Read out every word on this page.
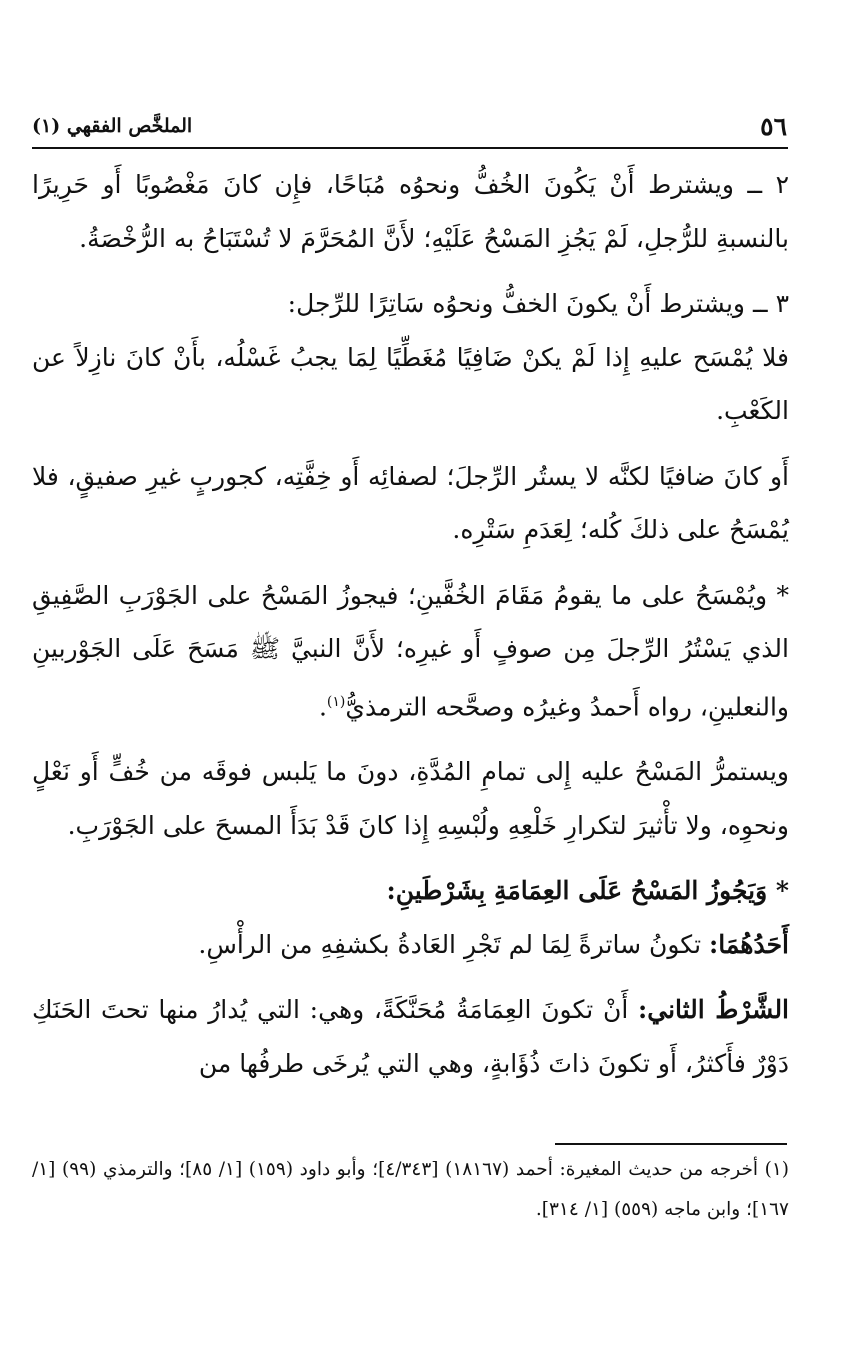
٥٦
الملخَّص الفقهي (١)

٢ ــ ويشترط أَنْ يَكُونَ الخُفُّ ونحوُه مُبَاحًا، فإِن كانَ مَغْصُوبًا أَو حَرِيرًا بالنسبةِ للرُّجلِ، لَمْ يَجُزِ المَسْحُ عَلَيْهِ؛ لأَنَّ المُحَرَّمَ لا تُسْتَبَاحُ به الرُّخْصَةُ.

٣ ــ ويشترط أَنْ يكونَ الخفُّ ونحوُه سَاتِرًا للرِّجل:

فلا يُمْسَح عليهِ إِذا لَمْ يكنْ ضَافِيًا مُغَطِّيًا لِمَا يجبُ غَسْلُه، بأَنْ كانَ نازِلاً عن الكَعْبِ.

أَو كانَ ضافيًا لكنَّه لا يستُر الرِّجلَ؛ لصفائِه أَو خِفَّتِه، كجوربٍ غيرِ صفيقٍ، فلا يُمْسَحُ على ذلكَ كُله؛ لِعَدَمِ سَتْرِه.

* ويُمْسَحُ على ما يقومُ مَقَامَ الخُفَّينِ؛ فيجوزُ المَسْحُ على الجَوْرَبِ الصَّفِيقِ الذي يَسْتُرُ الرِّجلَ مِن صوفٍ أَو غيرِه؛ لأَنَّ النبيَّ ﷺ مَسَحَ عَلَى الجَوْربينِ والنعلينِ، رواه أَحمدُ وغيرُه وصحَّحه الترمذيُّ$^{(١)}$.

ويستمرُّ المَسْحُ عليه إِلى تمامِ المُدَّةِ، دونَ ما يَلبس فوقَه من خُفٍّ أَو نَعْلٍ ونحوِه، ولا تأْثيرَ لتكرارِ خَلْعِهِ ولُبْسِهِ إِذا كانَ قَدْ بَدَأَ المسحَ على الجَوْرَبِ.

* وَيَجُوزُ المَسْحُ عَلَى العِمَامَةِ بِشَرْطَينِ:

أَحَدُهُمَا: تكونُ ساترةً لِمَا لم تَجْرِ العَادةُ بكشفِهِ من الرأْسِ.

الشَّرْطُ الثاني: أَنْ تكونَ العِمَامَةُ مُحَنَّكَةً، وهي: التي يُدارُ منها تحتَ الحَنَكِ دَوْرٌ فأَكثرُ، أَو تكونَ ذاتَ ذُؤَابةٍ، وهي التي يُرخَى طرفُها من

(١) أخرجه من حديث المغيرة: أحمد (١٨١٦٧) [٤/٣٤٣]؛ وأبو داود (١٥٩) [١/ ٨٥]؛ والترمذي (٩٩) [١/ ١٦٧]؛ وابن ماجه (٥٥٩) [١/ ٣١٤].
